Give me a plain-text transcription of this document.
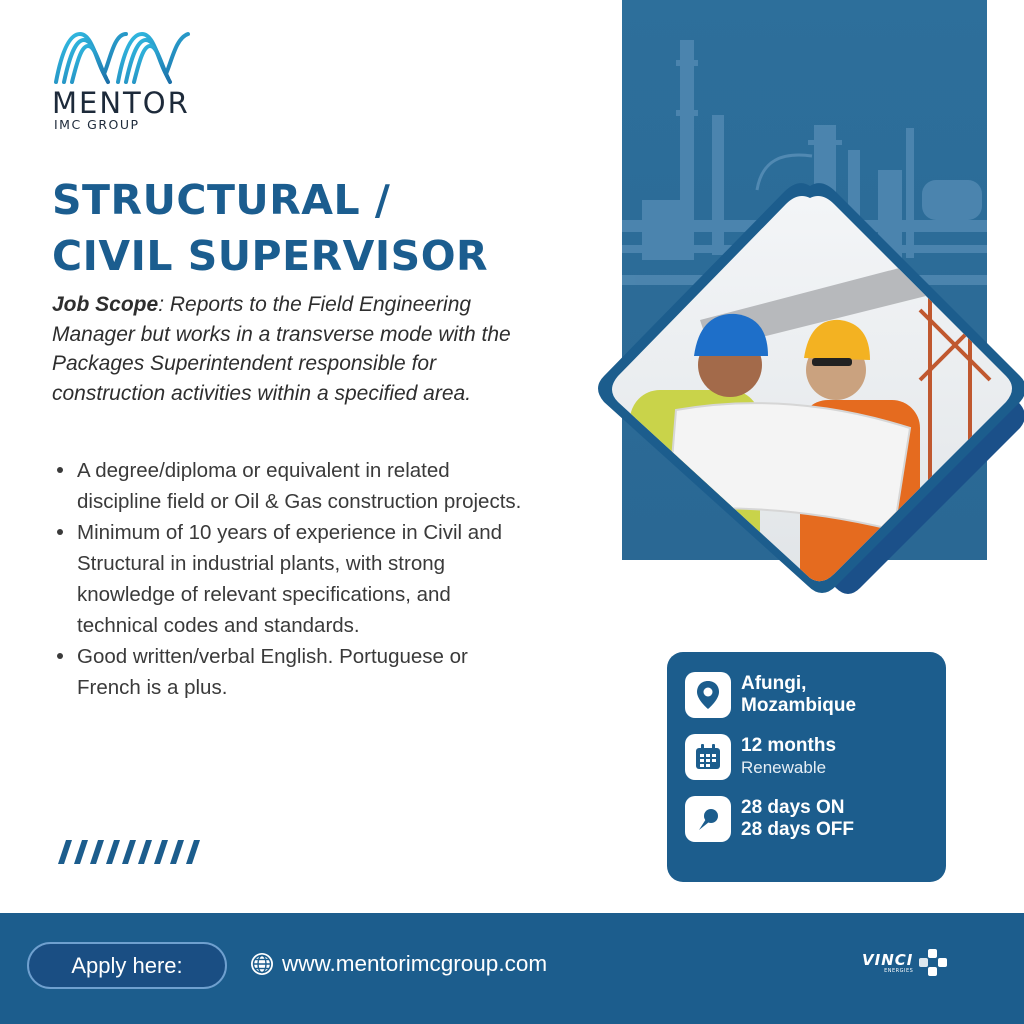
MENTOR
IMC GROUP
STRUCTURAL /
CIVIL SUPERVISOR

Job Scope: Reports to the Field Engineering Manager but works in a transverse mode with the Packages Superintendent responsible for construction activities within a specified area.

A degree/diploma or equivalent in related discipline field or Oil & Gas construction projects.
Minimum of 10 years of experience in Civil and Structural in industrial plants, with strong knowledge of relevant specifications, and technical codes and standards.
Good written/verbal English. Portuguese or French is a plus.	Afungi,
Mozambique
12 months
Renewable
28 days ON
28 days OFF
Apply here:	www.mentorimcgroup.com	VINCI
ENERGIES
